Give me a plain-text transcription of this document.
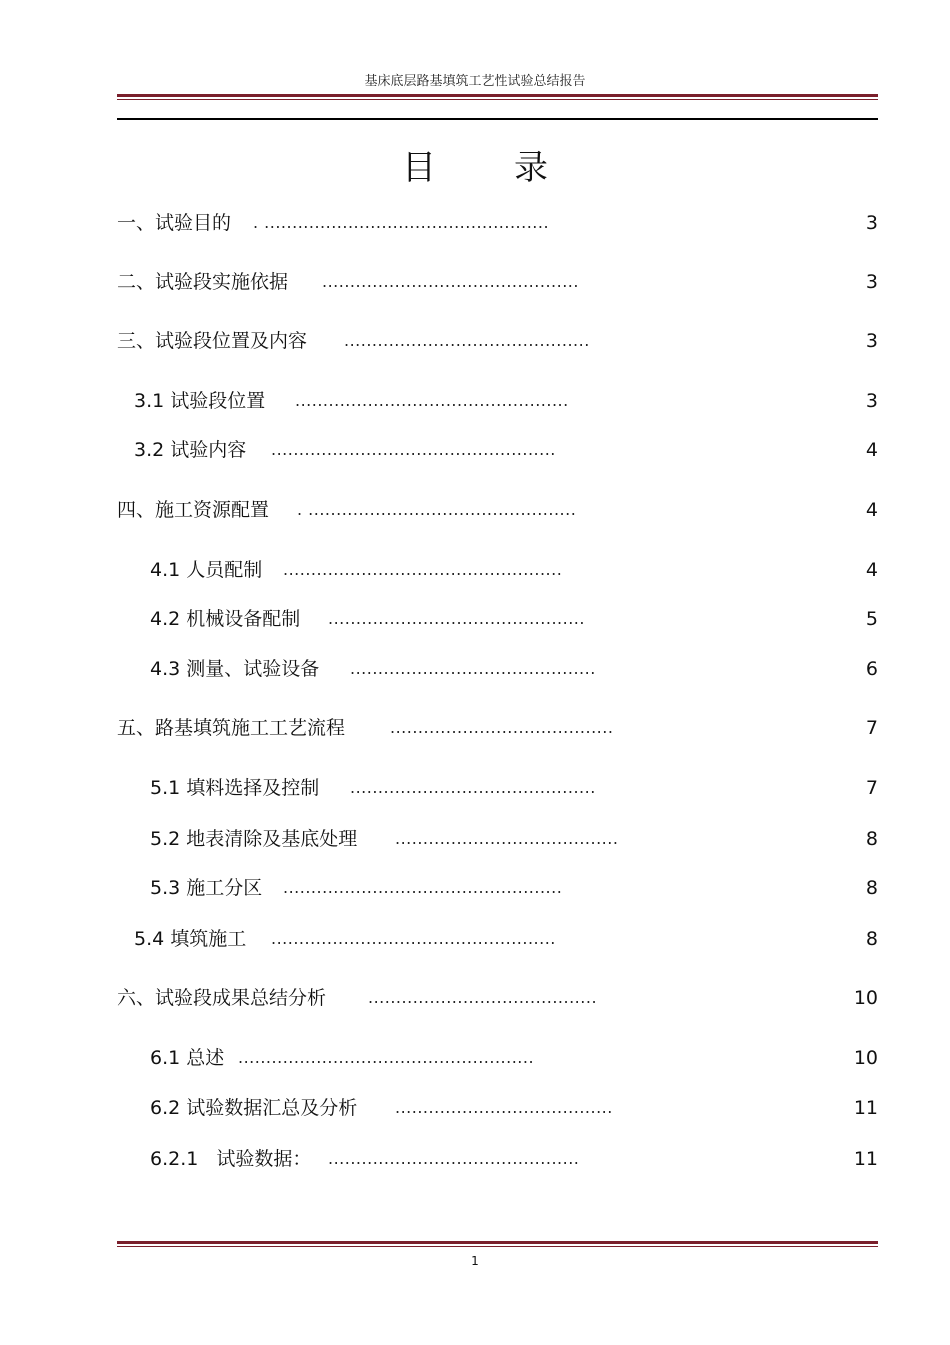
基床底层路基填筑工艺性试验总结报告
目录
一、试验目的 . ...................................................	3
二、试验段实施依据 ..............................................	3
三、试验段位置及内容 ............................................	3
3.1 试验段位置 .................................................	3
3.2 试验内容 ...................................................	4
四、施工资源配置 . ................................................	4
4.1 人员配制 ..................................................	4
4.2 机械设备配制 ..............................................	5
4.3 测量、试验设备 ............................................	6
五、路基填筑施工工艺流程	........................................	7
5.1 填料选择及控制 ............................................	7
5.2 地表清除及基底处理 ........................................	8
5.3 施工分区 ..................................................	8
5.4 填筑施工 ...................................................	8
六、试验段成果总结分析	.........................................	10
6.1 总述 .....................................................	10
6.2 试验数据汇总及分析 .......................................	11
6.2.1 试验数据： .............................................	11
1
